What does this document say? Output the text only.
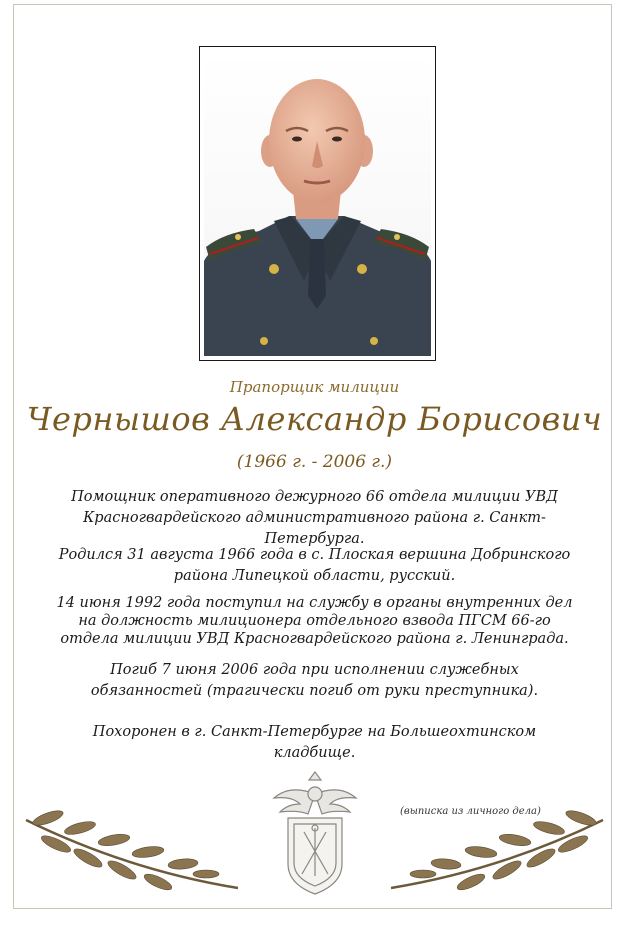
Прапорщик милиции
Чернышов Александр Борисович
(1966 г. - 2006 г.)
Помощник оперативного дежурного 66 отдела милиции УВД Красногвардейского административного района г. Санкт-Петербурга.
Родился 31 августа 1966 года в с. Плоская вершина Добринского района Липецкой области, русский.
14 июня 1992 года поступил на службу в органы внутренних дел на должность милиционера отдельного взвода ПГСМ 66-го отдела милиции УВД Красногвардейского района г. Ленинграда.
Погиб 7 июня 2006 года при исполнении служебных обязанностей (трагически погиб от руки преступника).
Похоронен в г. Санкт-Петербурге на Большеохтинском кладбище.
(выписка из личного дела)
